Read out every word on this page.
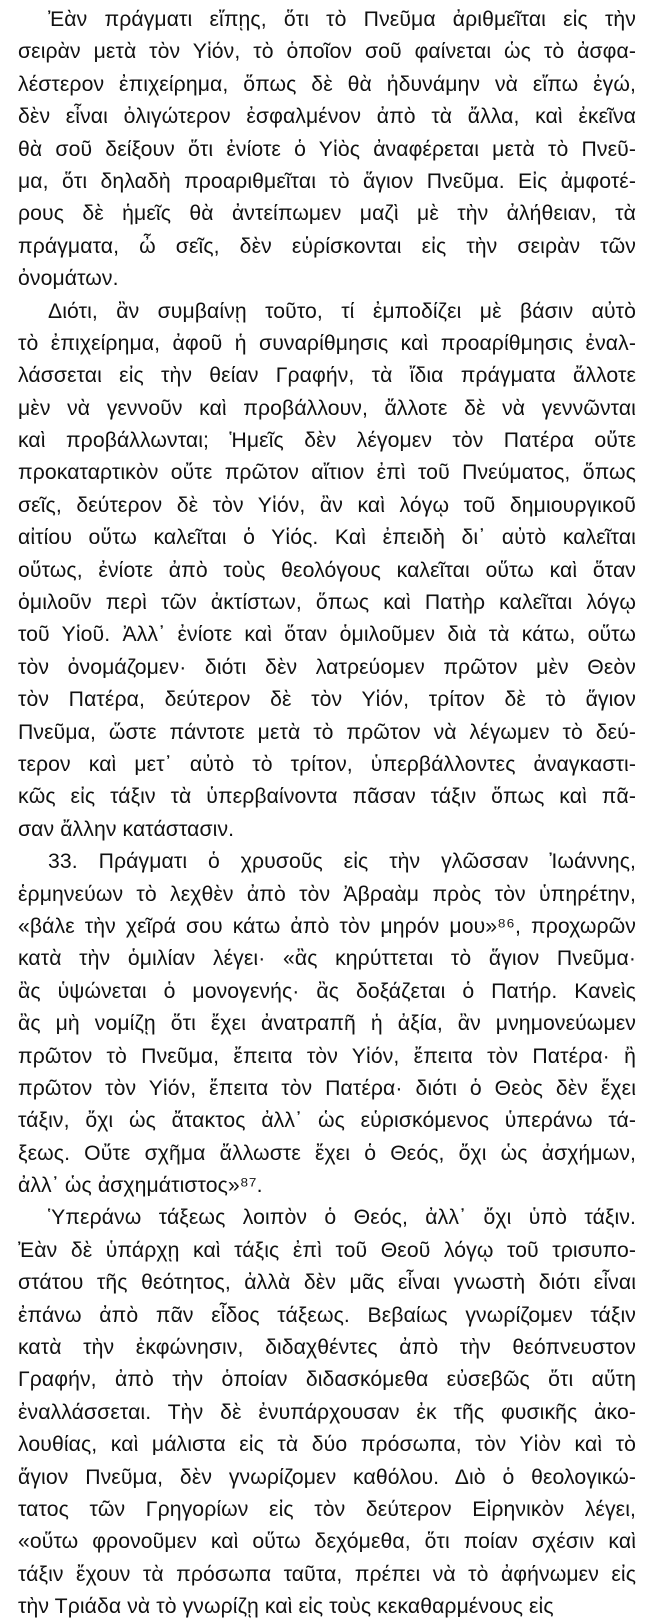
Ἐὰν πράγματι εἴπῃς, ὅτι τὸ Πνεῦμα ἀριθμεῖται εἰς τὴν
σειρὰν μετὰ τὸν Υἱόν, τὸ ὁποῖον σοῦ φαίνεται ὡς τὸ ἀσφα-
λέστερον ἐπιχείρημα, ὅπως δὲ θὰ ἠδυνάμην νὰ εἴπω ἐγώ,
δὲν εἶναι ὀλιγώτερον ἐσφαλμένον ἀπὸ τὰ ἄλλα, καὶ ἐκεῖνα
θὰ σοῦ δείξουν ὅτι ἐνίοτε ὁ Υἱὸς ἀναφέρεται μετὰ τὸ Πνεῦ-
μα, ὅτι δηλαδὴ προαριθμεῖται τὸ ἅγιον Πνεῦμα. Εἰς ἀμφοτέ-
ρους δὲ ἡμεῖς θὰ ἀντείπωμεν μαζὶ μὲ τὴν ἀλήθειαν, τὰ
πράγματα, ὦ σεῖς, δὲν εὑρίσκονται εἰς τὴν σειρὰν τῶν
ὀνομάτων.
Διότι, ἂν συμβαίνῃ τοῦτο, τί ἐμποδίζει μὲ βάσιν αὐτὸ
τὸ ἐπιχείρημα, ἀφοῦ ἡ συναρίθμησις καὶ προαρίθμησις ἐναλ-
λάσσεται εἰς τὴν θείαν Γραφήν, τὰ ἴδια πράγματα ἄλλοτε
μὲν νὰ γεννοῦν καὶ προβάλλουν, ἄλλοτε δὲ νὰ γεννῶνται
καὶ προβάλλωνται; Ἡμεῖς δὲν λέγομεν τὸν Πατέρα οὔτε
προκαταρτικὸν οὔτε πρῶτον αἴτιον ἐπὶ τοῦ Πνεύματος, ὅπως
σεῖς, δεύτερον δὲ τὸν Υἱόν, ἂν καὶ λόγῳ τοῦ δημιουργικοῦ
αἰτίου οὕτω καλεῖται ὁ Υἱός. Καὶ ἐπειδὴ δι᾽ αὐτὸ καλεῖται
οὕτως, ἐνίοτε ἀπὸ τοὺς θεολόγους καλεῖται οὕτω καὶ ὅταν
ὁμιλοῦν περὶ τῶν ἀκτίστων, ὅπως καὶ Πατὴρ καλεῖται λόγῳ
τοῦ Υἱοῦ. Ἀλλ᾽ ἐνίοτε καὶ ὅταν ὁμιλοῦμεν διὰ τὰ κάτω, οὕτω
τὸν ὀνομάζομεν· διότι δὲν λατρεύομεν πρῶτον μὲν Θεὸν
τὸν Πατέρα, δεύτερον δὲ τὸν Υἱόν, τρίτον δὲ τὸ ἅγιον
Πνεῦμα, ὥστε πάντοτε μετὰ τὸ πρῶτον νὰ λέγωμεν τὸ δεύ-
τερον καὶ μετ᾽ αὐτὸ τὸ τρίτον, ὑπερβάλλοντες ἀναγκαστι-
κῶς εἰς τάξιν τὰ ὑπερβαίνοντα πᾶσαν τάξιν ὅπως καὶ πᾶ-
σαν ἄλλην κατάστασιν.
33. Πράγματι ὁ χρυσοῦς εἰς τὴν γλῶσσαν Ἰωάννης,
ἑρμηνεύων τὸ λεχθὲν ἀπὸ τὸν Ἀβραὰμ πρὸς τὸν ὑπηρέτην,
«βάλε τὴν χεῖρά σου κάτω ἀπὸ τὸν μηρόν μου»⁸⁶, προχωρῶν
κατὰ τὴν ὁμιλίαν λέγει· «ἂς κηρύττεται τὸ ἅγιον Πνεῦμα·
ἂς ὑψώνεται ὁ μονογενής· ἂς δοξάζεται ὁ Πατήρ. Κανεὶς
ἂς μὴ νομίζῃ ὅτι ἔχει ἀνατραπῆ ἡ ἀξία, ἂν μνημονεύωμεν
πρῶτον τὸ Πνεῦμα, ἔπειτα τὸν Υἱόν, ἔπειτα τὸν Πατέρα· ἢ
πρῶτον τὸν Υἱόν, ἔπειτα τὸν Πατέρα· διότι ὁ Θεὸς δὲν ἔχει
τάξιν, ὄχι ὡς ἄτακτος ἀλλ᾽ ὡς εὑρισκόμενος ὑπεράνω τά-
ξεως. Οὔτε σχῆμα ἄλλωστε ἔχει ὁ Θεός, ὄχι ὡς ἀσχήμων,
ἀλλ᾽ ὡς ἀσχημάτιστος»⁸⁷.
Ὑπεράνω τάξεως λοιπὸν ὁ Θεός, ἀλλ᾽ ὄχι ὑπὸ τάξιν.
Ἐὰν δὲ ὑπάρχῃ καὶ τάξις ἐπὶ τοῦ Θεοῦ λόγῳ τοῦ τρισυπο-
στάτου τῆς θεότητος, ἀλλὰ δὲν μᾶς εἶναι γνωστὴ διότι εἶναι
ἐπάνω ἀπὸ πᾶν εἶδος τάξεως. Βεβαίως γνωρίζομεν τάξιν
κατὰ τὴν ἐκφώνησιν, διδαχθέντες ἀπὸ τὴν θεόπνευστον
Γραφήν, ἀπὸ τὴν ὁποίαν διδασκόμεθα εὐσεβῶς ὅτι αὕτη
ἐναλλάσσεται. Τὴν δὲ ἐνυπάρχουσαν ἐκ τῆς φυσικῆς ἀκο-
λουθίας, καὶ μάλιστα εἰς τὰ δύο πρόσωπα, τὸν Υἱὸν καὶ τὸ
ἅγιον Πνεῦμα, δὲν γνωρίζομεν καθόλου. Διὸ ὁ θεολογικώ-
τατος τῶν Γρηγορίων εἰς τὸν δεύτερον Εἰρηνικὸν λέγει,
«οὕτω φρονοῦμεν καὶ οὕτω δεχόμεθα, ὅτι ποίαν σχέσιν καὶ
τάξιν ἔχουν τὰ πρόσωπα ταῦτα, πρέπει νὰ τὸ ἀφήνωμεν εἰς
τὴν Τριάδα νὰ τὸ γνωρίζῃ καὶ εἰς τοὺς κεκαθαρμένους εἰς
